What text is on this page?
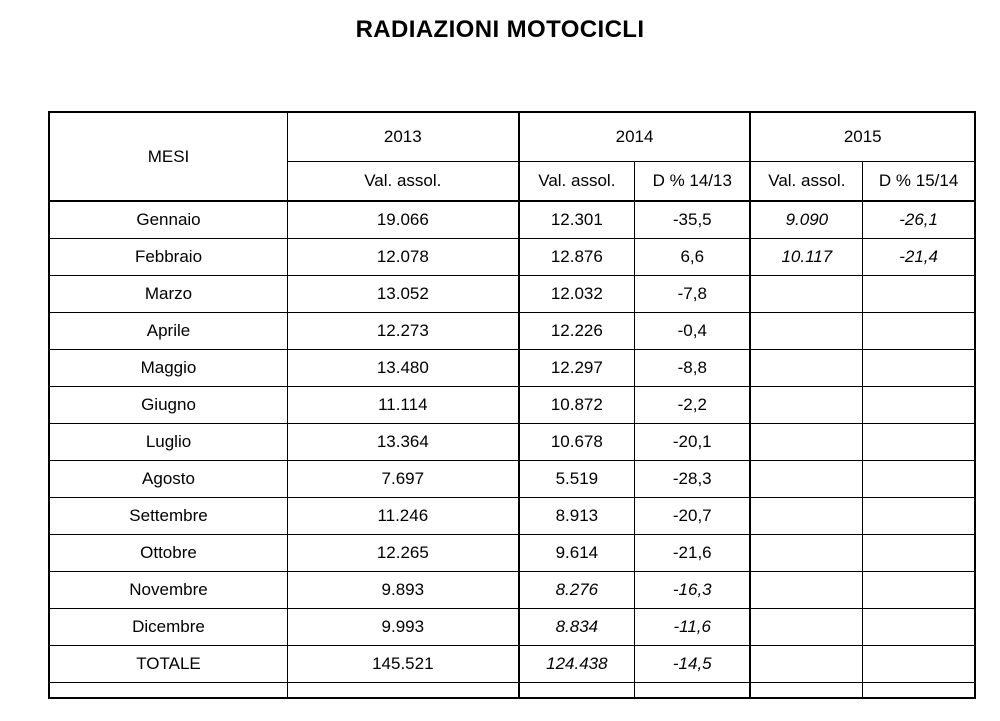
RADIAZIONI MOTOCICLI
MESI	2013	2014		2015	
	Val. assol.	Val. assol.	D % 14/13	Val. assol.	D % 15/14
Gennaio	19.066	12.301	-35,5	9.090	-26,1
Febbraio	12.078	12.876	6,6	10.117	-21,4
Marzo	13.052	12.032	-7,8		
Aprile	12.273	12.226	-0,4		
Maggio	13.480	12.297	-8,8		
Giugno	11.114	10.872	-2,2		
Luglio	13.364	10.678	-20,1		
Agosto	7.697	5.519	-28,3		
Settembre	11.246	8.913	-20,7		
Ottobre	12.265	9.614	-21,6		
Novembre	9.893	8.276	-16,3		
Dicembre	9.993	8.834	-11,6		
TOTALE	145.521	124.438	-14,5		
